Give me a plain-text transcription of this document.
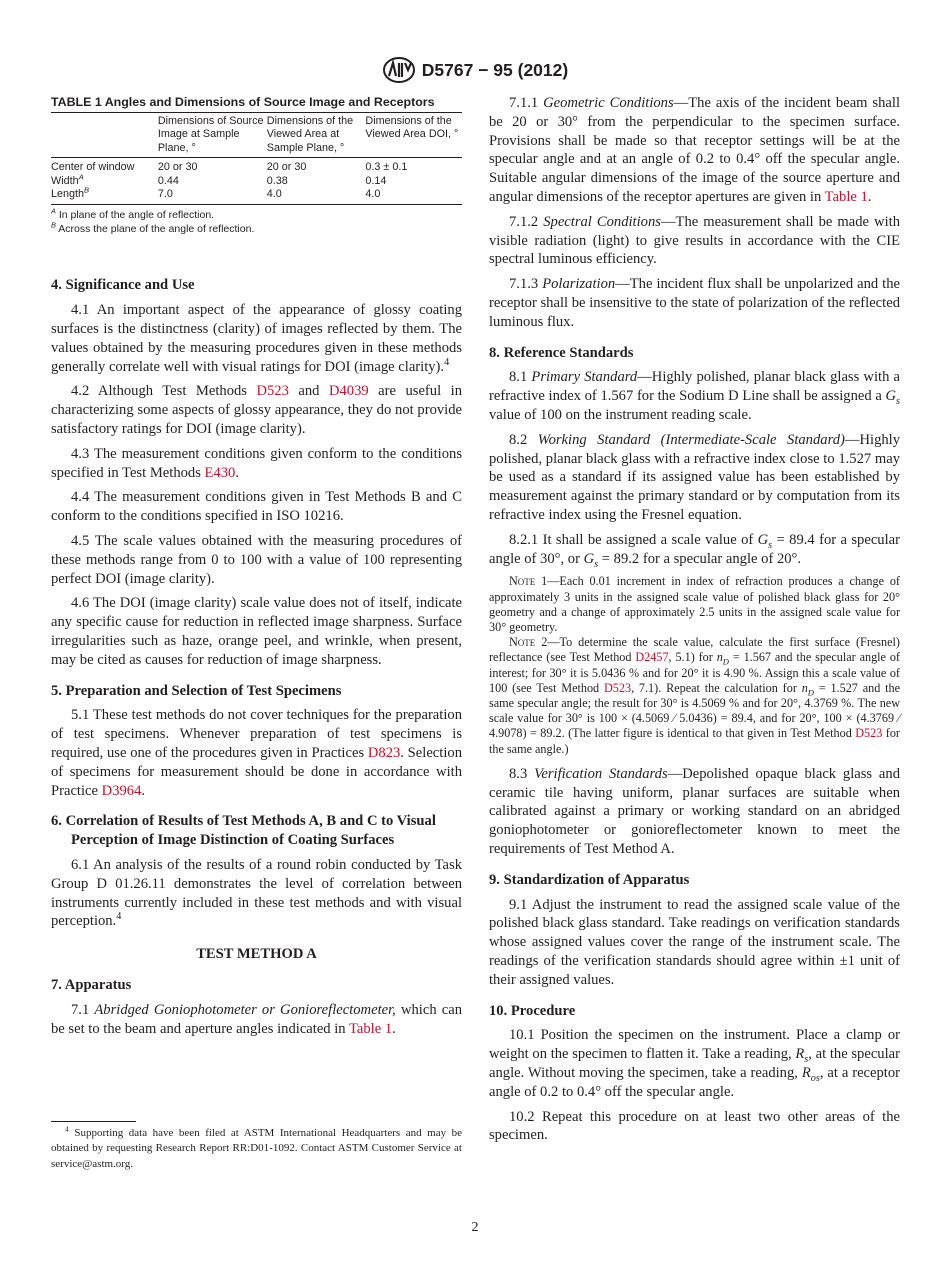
D5767 − 95 (2012)
TABLE 1 Angles and Dimensions of Source Image and Receptors
	Dimensions of Source Image at Sample Plane, °	Dimensions of the Viewed Area at Sample Plane, °	Dimensions of the Viewed Area DOI, °
Center of window	20 or 30	20 or 30	0.3 ± 0.1
Width$^A$	0.44	0.38	0.14
Length$^B$	7.0	4.0	4.0
$^A$ In plane of the angle of reflection.
$^B$ Across the plane of the angle of reflection.
4. Significance and Use

4.1 An important aspect of the appearance of glossy coating surfaces is the distinctness (clarity) of images reflected by them. The values obtained by the measuring procedures given in these methods generally correlate well with visual ratings for DOI (image clarity).$^4$

4.2 Although Test Methods D523 and D4039 are useful in characterizing some aspects of glossy appearance, they do not provide satisfactory ratings for DOI (image clarity).

4.3 The measurement conditions given conform to the conditions specified in Test Methods E430.

4.4 The measurement conditions given in Test Methods B and C conform to the conditions specified in ISO 10216.

4.5 The scale values obtained with the measuring procedures of these methods range from 0 to 100 with a value of 100 representing perfect DOI (image clarity).

4.6 The DOI (image clarity) scale value does not of itself, indicate any specific cause for reduction in reflected image sharpness. Surface irregularities such as haze, orange peel, and wrinkle, when present, may be cited as causes for reduction of image sharpness.

5. Preparation and Selection of Test Specimens

5.1 These test methods do not cover techniques for the preparation of test specimens. Whenever preparation of test specimens is required, use one of the procedures given in Practices D823. Selection of specimens for measurement should be done in accordance with Practice D3964.

6. Correlation of Results of Test Methods A, B and C to Visual Perception of Image Distinction of Coating Surfaces

6.1 An analysis of the results of a round robin conducted by Task Group D 01.26.11 demonstrates the level of correlation between instruments currently included in these test methods and with visual perception.$^4$

TEST METHOD A
7. Apparatus

7.1 Abridged Goniophotometer or Gonioreflectometer, which can be set to the beam and aperture angles indicated in Table 1.

7.1.1 Geometric Conditions—The axis of the incident beam shall be 20 or 30° from the perpendicular to the specimen surface. Provisions shall be made so that receptor settings will be at the specular angle and at an angle of 0.2 to 0.4° off the specular angle. Suitable angular dimensions of the image of the source aperture and angular dimensions of the receptor apertures are given in Table 1.

7.1.2 Spectral Conditions—The measurement shall be made with visible radiation (light) to give results in accordance with the CIE spectral luminous efficiency.

7.1.3 Polarization—The incident flux shall be unpolarized and the receptor shall be insensitive to the state of polarization of the reflected luminous flux.

8. Reference Standards

8.1 Primary Standard—Highly polished, planar black glass with a refractive index of 1.567 for the Sodium D Line shall be assigned a $G_s$ value of 100 on the instrument reading scale.

8.2 Working Standard (Intermediate-Scale Standard)—Highly polished, planar black glass with a refractive index close to 1.527 may be used as a standard if its assigned value has been established by measurement against the primary standard or by computation from its refractive index using the Fresnel equation.

8.2.1 It shall be assigned a scale value of $G_s = 89.4$ for a specular angle of 30°, or $G_s = 89.2$ for a specular angle of 20°.

Note 1—Each 0.01 increment in index of refraction produces a change of approximately 3 units in the assigned scale value of polished black glass for 20° geometry and a change of approximately 2.5 units in the assigned scale value for 30° geometry.

Note 2—To determine the scale value, calculate the first surface (Fresnel) reflectance (see Test Method D2457, 5.1) for $n_D = 1.567$ and the specular angle of interest; for 30° it is 5.0436 % and for 20° it is 4.90 %. Assign this a scale value of 100 (see Test Method D523, 7.1). Repeat the calculation for $n_D = 1.527$ and the same specular angle; the result for 30° is 4.5069 % and for 20°, 4.3769 %. The new scale value for 30° is 100 × (4.5069 ⁄ 5.0436) = 89.4, and for 20°, 100 × (4.3769 ⁄ 4.9078) = 89.2. (The latter figure is identical to that given in Test Method D523 for the same angle.)

8.3 Verification Standards—Depolished opaque black glass and ceramic tile having uniform, planar surfaces are suitable when calibrated against a primary or working standard on an abridged goniophotometer or gonioreflectometer known to meet the requirements of Test Method A.

9. Standardization of Apparatus

9.1 Adjust the instrument to read the assigned scale value of the polished black glass standard. Take readings on verification standards whose assigned values cover the range of the instrument scale. The readings of the verification standards should agree within ±1 unit of their assigned values.

10. Procedure

10.1 Position the specimen on the instrument. Place a clamp or weight on the specimen to flatten it. Take a reading, $R_s$, at the specular angle. Without moving the specimen, take a reading, $R_{os}$, at a receptor angle of 0.2 to 0.4° off the specular angle.

10.2 Repeat this procedure on at least two other areas of the specimen.

$^4$ Supporting data have been filed at ASTM International Headquarters and may be obtained by requesting Research Report RR:D01-1092. Contact ASTM Customer Service at service@astm.org.
2
